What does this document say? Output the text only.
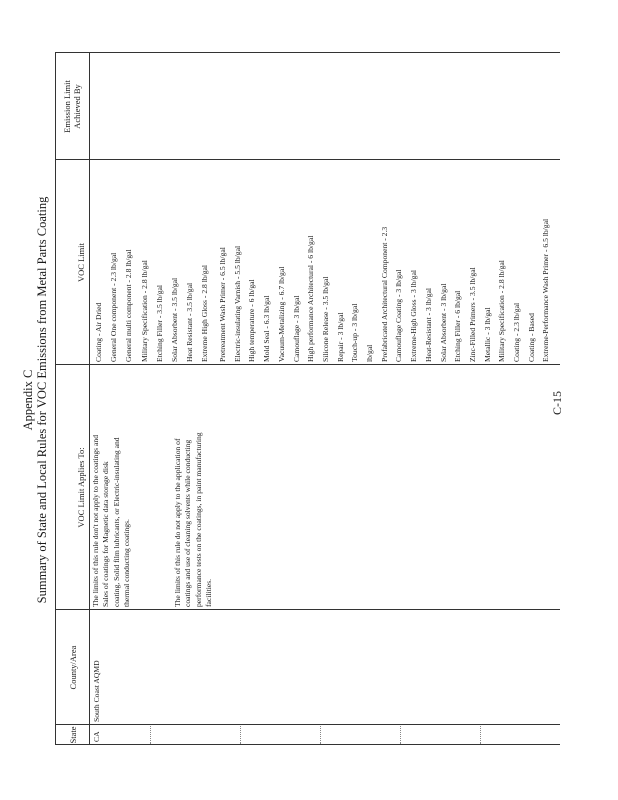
Appendix C Summary of State and Local Rules for VOC Emissions from Metal Parts Coating
State
County/Area
VOC Limit Applies To:
VOC Limit
Emission Limit Achieved By
CA
South Coast AQMD
The limits of this rule don't not apply to the coatings and Sales of coatings for Magnetic data storage disk coating, Solid film lubricants, or Electric-insulating and thermal conducting coatings.	The limits of this rule do not apply to the application of coatings and use of cleaning solvents while conducting performance tests on the coatings, in paint manufacturing facilities.
Coating - Air Dried General One component - 2.3 lb/gal General multi component - 2.8 lb/gal Military Specification - 2.8 lb/gal Etching Filler - 3.5 lb/gal Solar Absorbent - 3.5 lb/gal Heat Resistant - 3.5 lb/gal Extreme High Gloss - 2.8 lb/gal	Pretreatment Wash Primer - 6.5 lb/gal Electric-insulating Varnish - 5.5 lb/gal High temperature - 6 lb/gal Mold Seal - 6.3 lb/gal Vacuum-Metalizing - 6.7 lb/gal Camouflage - 3 lb/gal High performance Architectural - 6 lb/gal Silicone Release - 3.5 lb/gal Repair - 3 lb/gal Touch-up - 3 lb/gal lb/gal Prefabricated Architectural Component - 2.3 Camouflage Coating - 3 lb/gal Extreme-High Gloss - 3 lb/gal Heat-Resistant - 3 lb/gal Solar Absorbent - 3 lb/gal Etching Filler - 6 lb/gal Zinc-Filled Primers - 3.5 lb/gal Metallic - 3 lb/gal Military Specification - 2.8 lb/gal Coating - 2.3 lb/gal Coating - Based Extreme-Performance Wash Primer - 6.5 lb/gal
C-15
